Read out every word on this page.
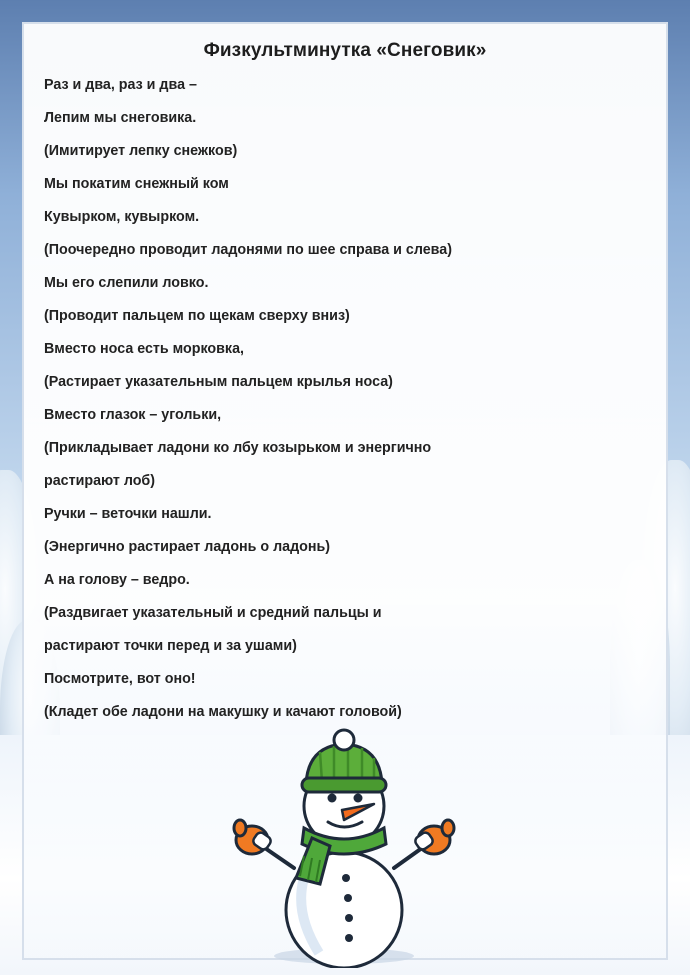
Физкультминутка «Снеговик»
Раз и два, раз и два –
Лепим мы снеговика.
(Имитирует лепку снежков)
Мы покатим снежный ком
Кувырком, кувырком.
(Поочередно проводит ладонями по шее справа и слева)
Мы его слепили ловко.
(Проводит пальцем по щекам сверху вниз)
Вместо носа есть морковка,
(Растирает указательным пальцем крылья носа)
Вместо глазок – угольки,
(Прикладывает ладони ко лбу козырьком и энергично
растирают лоб)
Ручки – веточки нашли.
(Энергично растирает ладонь о ладонь)
А на голову – ведро.
(Раздвигает указательный и средний пальцы и
растирают точки перед и за ушами)
Посмотрите, вот оно!
(Кладет обе ладони на макушку и качают головой)
